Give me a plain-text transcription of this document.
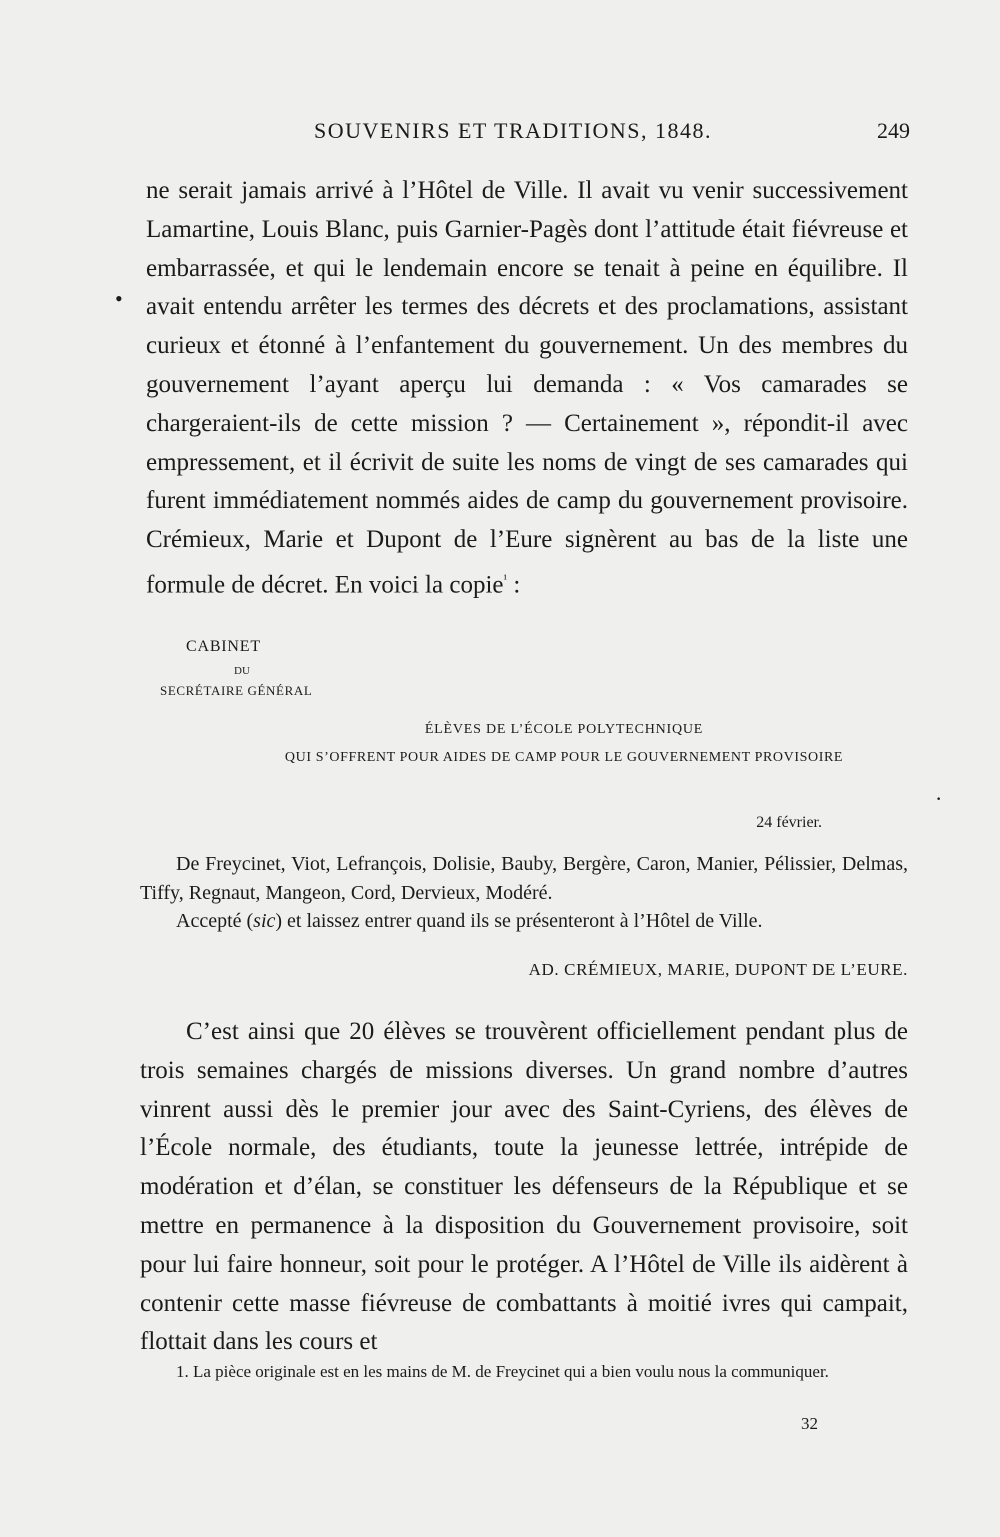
SOUVENIRS ET TRADITIONS, 1848.	249
•
·

ne serait jamais arrivé à l’Hôtel de Ville. Il avait vu venir successivement Lamartine, Louis Blanc, puis Garnier-Pagès dont l’attitude était fiévreuse et embarrassée, et qui le lendemain encore se tenait à peine en équilibre. Il avait entendu arrêter les termes des décrets et des proclamations, assistant curieux et étonné à l’enfantement du gouvernement. Un des membres du gouvernement l’ayant aperçu lui demanda : « Vos camarades se chargeraient-ils de cette mission ? — Certainement », répondit-il avec empressement, et il écrivit de suite les noms de vingt de ses camarades qui furent immédiatement nommés aides de camp du gouvernement provisoire. Crémieux, Marie et Dupont de l’Eure signèrent au bas de la liste une formule de décret. En voici la copie$^{^1}$ :

CABINET
DU
SECRÉTAIRE GÉNÉRAL
ÉLÈVES DE L’ÉCOLE POLYTECHNIQUE
QUI S’OFFRENT POUR AIDES DE CAMP POUR LE GOUVERNEMENT PROVISOIRE
24 février.

De Freycinet, Viot, Lefrançois, Dolisie, Bauby, Bergère, Caron, Manier, Pélissier, Delmas, Tiffy, Regnaut, Mangeon, Cord, Dervieux, Modéré.

Accepté (sic) et laissez entrer quand ils se présenteront à l’Hôtel de Ville.

AD. CRÉMIEUX, MARIE, DUPONT DE L’EURE.

C’est ainsi que 20 élèves se trouvèrent officiellement pendant plus de trois semaines chargés de missions diverses. Un grand nombre d’autres vinrent aussi dès le premier jour avec des Saint-Cyriens, des élèves de l’École normale, des étudiants, toute la jeunesse lettrée, intrépide de modération et d’élan, se constituer les défenseurs de la République et se mettre en permanence à la disposition du Gouvernement provisoire, soit pour lui faire honneur, soit pour le protéger. A l’Hôtel de Ville ils aidèrent à contenir cette masse fiévreuse de combattants à moitié ivres qui campait, flottait dans les cours et

1. La pièce originale est en les mains de M. de Freycinet qui a bien voulu nous la communiquer.

32
